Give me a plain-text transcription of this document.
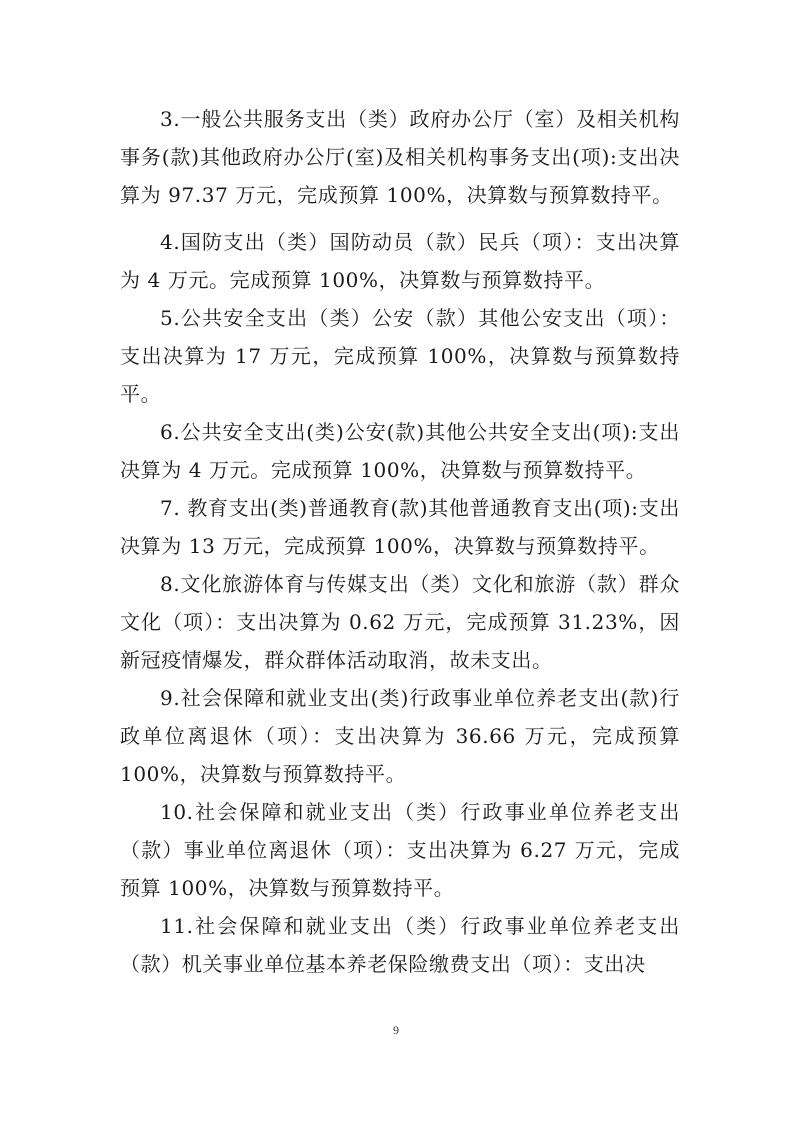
3.一般公共服务支出（类）政府办公厅（室）及相关机构事务(款)其他政府办公厅(室)及相关机构事务支出(项):支出决算为 97.37 万元，完成预算 100%，决算数与预算数持平。

4.国防支出（类）国防动员（款）民兵（项）：支出决算为 4 万元。完成预算 100%，决算数与预算数持平。

5.公共安全支出（类）公安（款）其他公安支出（项）：支出决算为 17 万元，完成预算 100%，决算数与预算数持平。

6.公共安全支出(类)公安(款)其他公共安全支出(项):支出决算为 4 万元。完成预算 100%，决算数与预算数持平。

7. 教育支出(类)普通教育(款)其他普通教育支出(项):支出决算为 13 万元，完成预算 100%，决算数与预算数持平。

8.文化旅游体育与传媒支出（类）文化和旅游（款）群众文化（项）：支出决算为 0.62 万元，完成预算 31.23%，因新冠疫情爆发，群众群体活动取消，故未支出。

9.社会保障和就业支出(类)行政事业单位养老支出(款)行政单位离退休（项）：支出决算为 36.66 万元，完成预算 100%，决算数与预算数持平。

10.社会保障和就业支出（类）行政事业单位养老支出（款）事业单位离退休（项）：支出决算为 6.27 万元，完成预算 100%，决算数与预算数持平。

11.社会保障和就业支出（类）行政事业单位养老支出（款）机关事业单位基本养老保险缴费支出（项）：支出决

9
